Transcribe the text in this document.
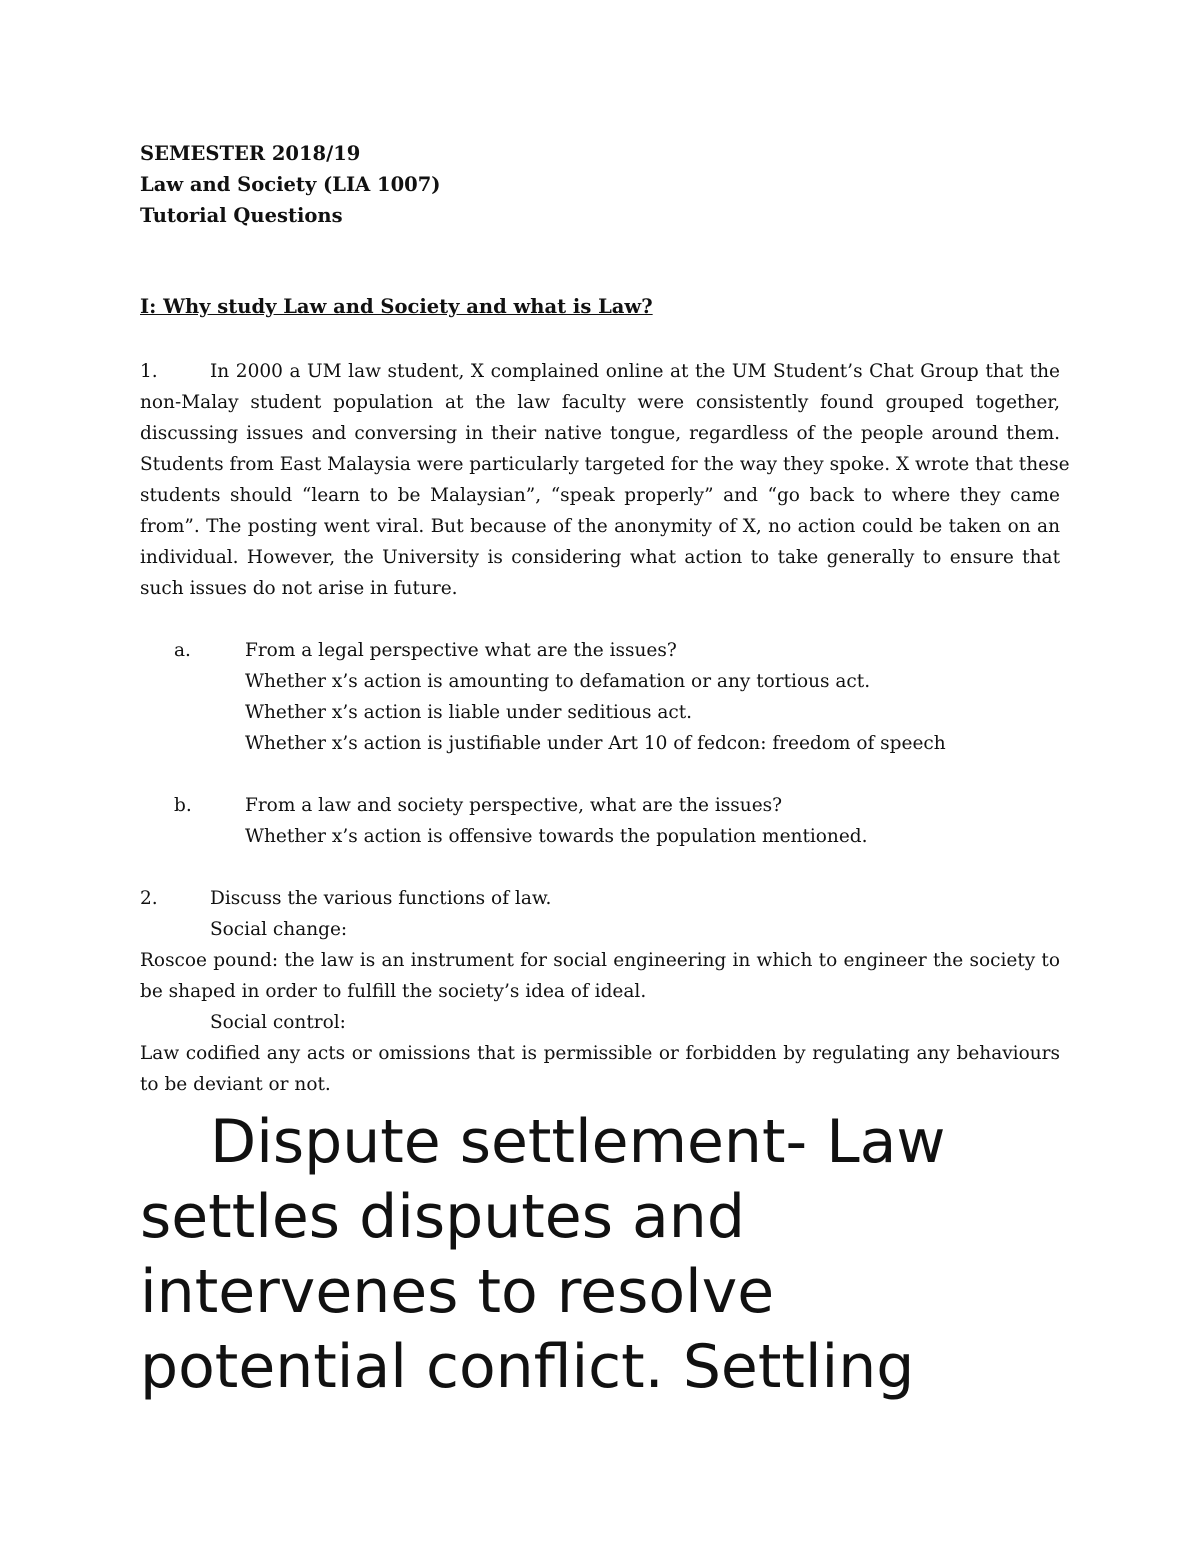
SEMESTER 2018/19
Law and Society (LIA 1007)
Tutorial Questions
I: Why study Law and Society and what is Law?
1.	In 2000 a UM law student, X complained online at the UM Student’s Chat Group that the
non-Malay student population at the law faculty were consistently found grouped together,
discussing issues and conversing in their native tongue, regardless of the people around them.
Students from East Malaysia were particularly targeted for the way they spoke. X wrote that these
students should “learn to be Malaysian”, “speak properly” and “go back to where they came
from”. The posting went viral. But because of the anonymity of X, no action could be taken on an
individual. However, the University is considering what action to take generally to ensure that
such issues do not arise in future.
a.	From a legal perspective what are the issues?
Whether x’s action is amounting to defamation or any tortious act.
Whether x’s action is liable under seditious act.
Whether x’s action is justifiable under Art 10 of fedcon: freedom of speech
b.	From a law and society perspective, what are the issues?
Whether x’s action is offensive towards the population mentioned.
2.	Discuss the various functions of law.
Social change:
Roscoe pound: the law is an instrument for social engineering in which to engineer the society to
be shaped in order to fulfill the society’s idea of ideal.
Social control:
Law codified any acts or omissions that is permissible or forbidden by regulating any behaviours
to be deviant or not.
Dispute settlement- Law
settles disputes and
intervenes to resolve
potential conflict. Settling
